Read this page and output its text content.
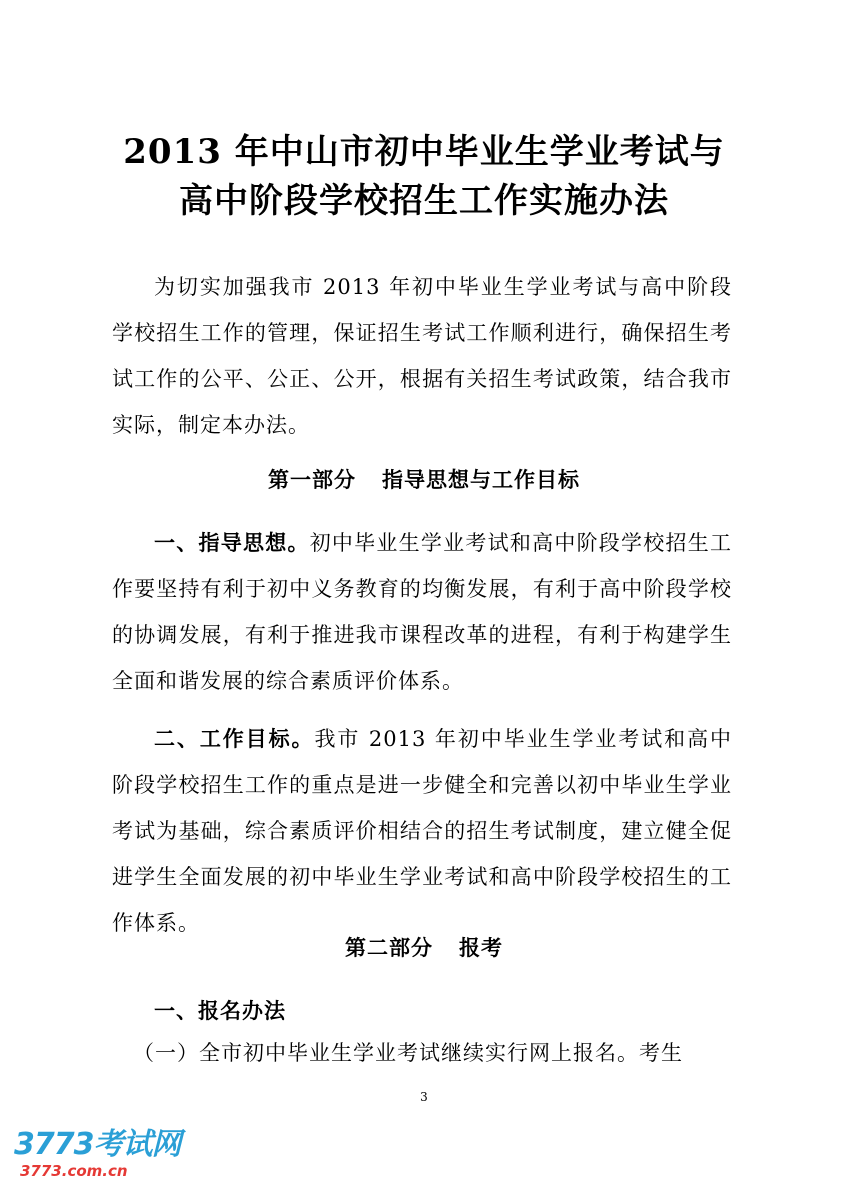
2013 年中山市初中毕业生学业考试与
高中阶段学校招生工作实施办法

为切实加强我市 2013 年初中毕业生学业考试与高中阶段学校招生工作的管理，保证招生考试工作顺利进行，确保招生考试工作的公平、公正、公开，根据有关招生考试政策，结合我市实际，制定本办法。

第一部分 指导思想与工作目标

一、指导思想。初中毕业生学业考试和高中阶段学校招生工作要坚持有利于初中义务教育的均衡发展，有利于高中阶段学校的协调发展，有利于推进我市课程改革的进程，有利于构建学生全面和谐发展的综合素质评价体系。

二、工作目标。我市 2013 年初中毕业生学业考试和高中阶段学校招生工作的重点是进一步健全和完善以初中毕业生学业考试为基础，综合素质评价相结合的招生考试制度，建立健全促进学生全面发展的初中毕业生学业考试和高中阶段学校招生的工作体系。

第二部分 报考
一、报名办法

（一）全市初中毕业生学业考试继续实行网上报名。考生

3
3773考试网
3773.com.cn
